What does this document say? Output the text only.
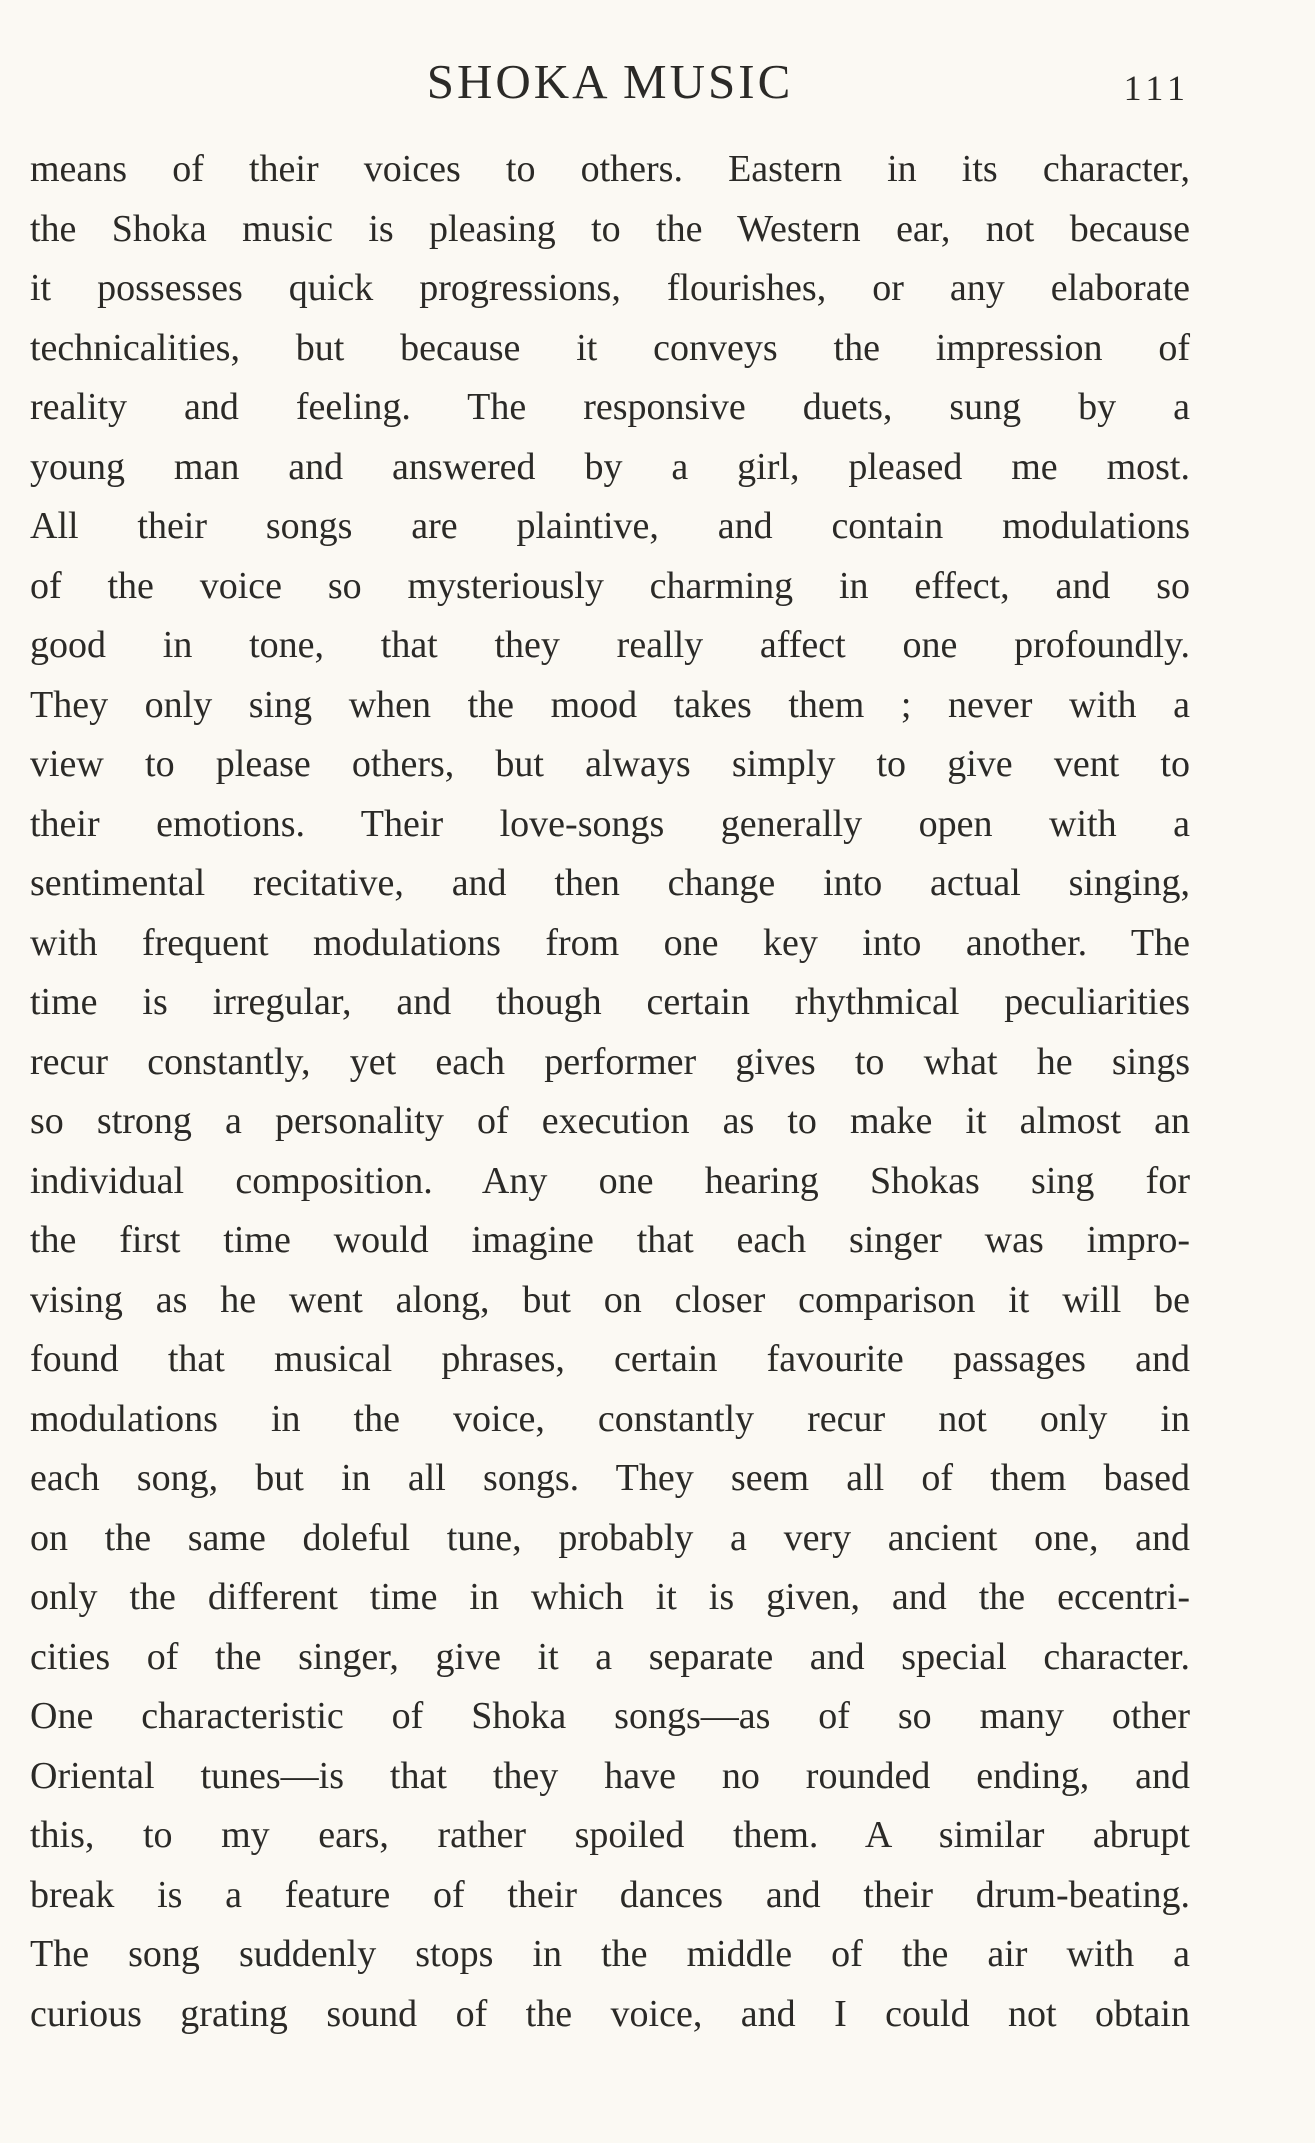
SHOKA MUSIC	111
means of their voices to others. Eastern in its character,
the Shoka music is pleasing to the Western ear, not because
it possesses quick progressions, flourishes, or any elaborate
technicalities, but because it conveys the impression of
reality and feeling. The responsive duets, sung by a
young man and answered by a girl, pleased me most.
All their songs are plaintive, and contain modulations
of the voice so mysteriously charming in effect, and so
good in tone, that they really affect one profoundly.
They only sing when the mood takes them ; never with a
view to please others, but always simply to give vent to
their emotions. Their love-songs generally open with a
sentimental recitative, and then change into actual singing,
with frequent modulations from one key into another. The
time is irregular, and though certain rhythmical peculiarities
recur constantly, yet each performer gives to what he sings
so strong a personality of execution as to make it almost an
individual composition. Any one hearing Shokas sing for
the first time would imagine that each singer was impro-
vising as he went along, but on closer comparison it will be
found that musical phrases, certain favourite passages and
modulations in the voice, constantly recur not only in
each song, but in all songs. They seem all of them based
on the same doleful tune, probably a very ancient one, and
only the different time in which it is given, and the eccentri-
cities of the singer, give it a separate and special character.
One characteristic of Shoka songs—as of so many other
Oriental tunes—is that they have no rounded ending, and
this, to my ears, rather spoiled them. A similar abrupt
break is a feature of their dances and their drum-beating.
The song suddenly stops in the middle of the air with a
curious grating sound of the voice, and I could not obtain
